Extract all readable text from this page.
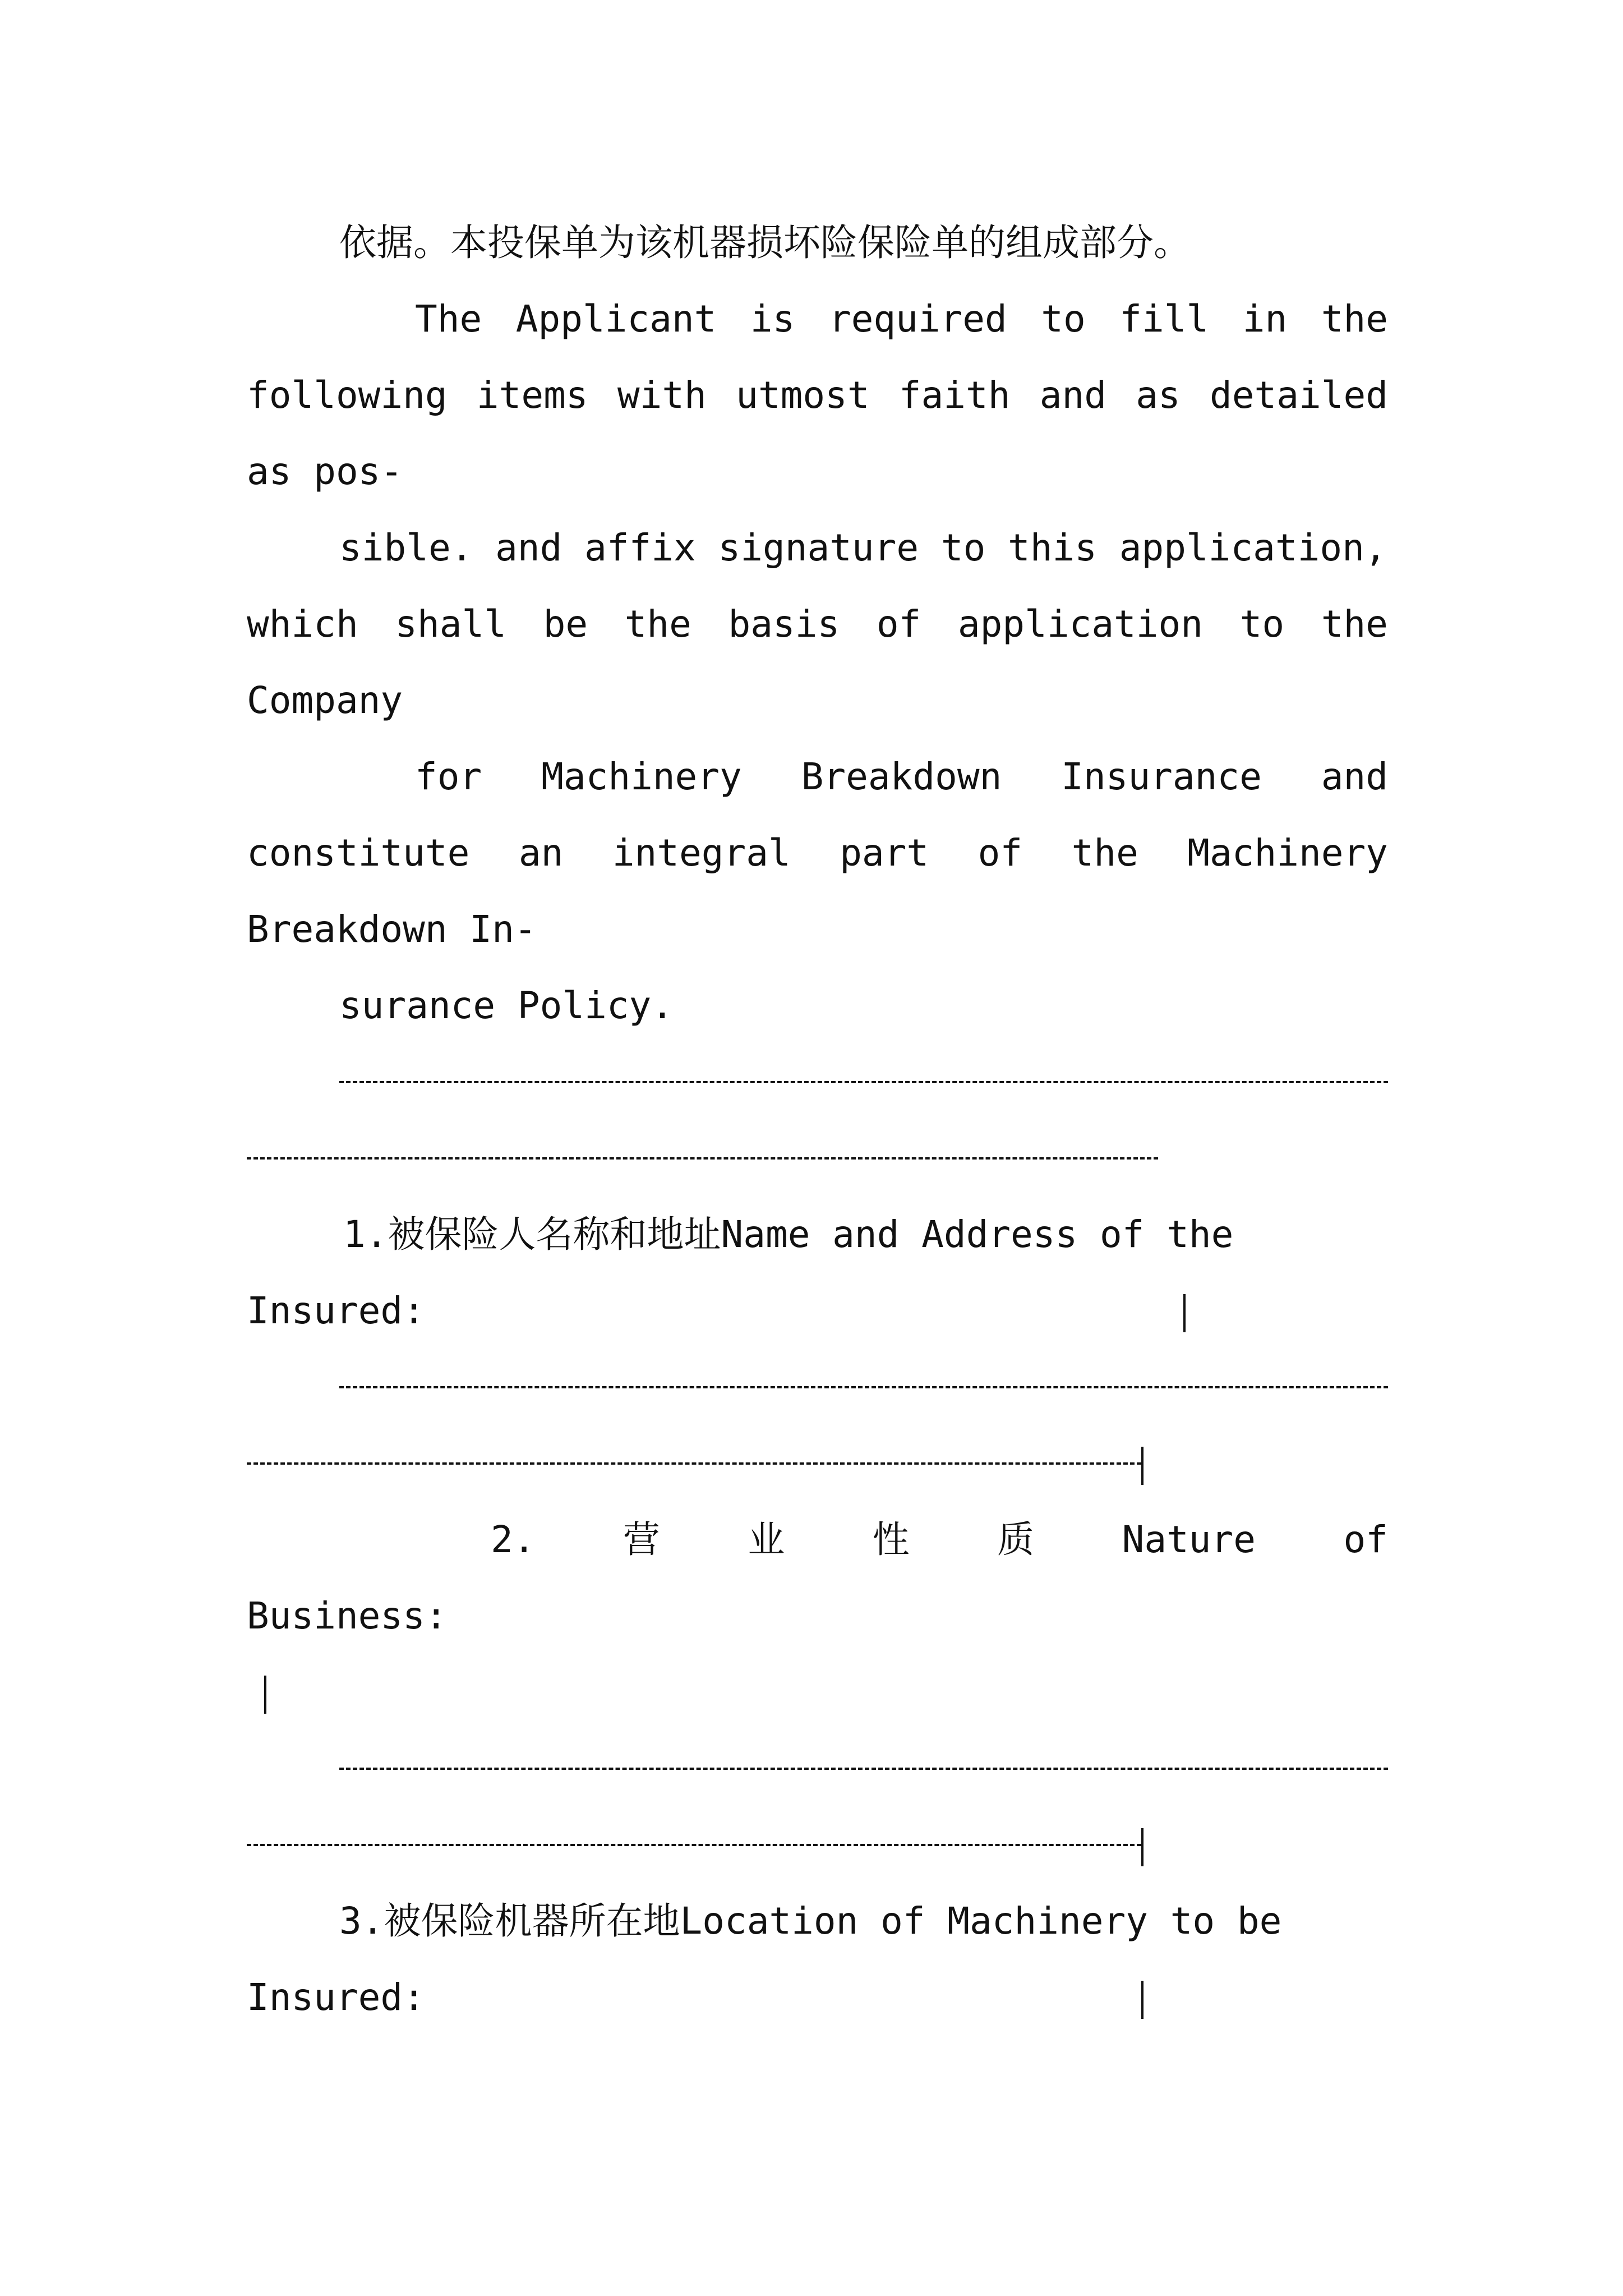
依据。本投保单为该机器损坏险保险单的组成部分。
The Applicant is required to fill in the
following items with utmost faith and as detailed
as pos-
sible. and affix signature to this application,
which shall be the basis of application to the
Company
for Machinery Breakdown Insurance and
constitute an integral part of the Machinery
Breakdown In-
surance Policy.
1.被保险人名称和地址Name and Address of the
Insured:
2. 营 业 性 质 Nature of
Business:
3.被保险机器所在地Location of Machinery to be
Insured:
